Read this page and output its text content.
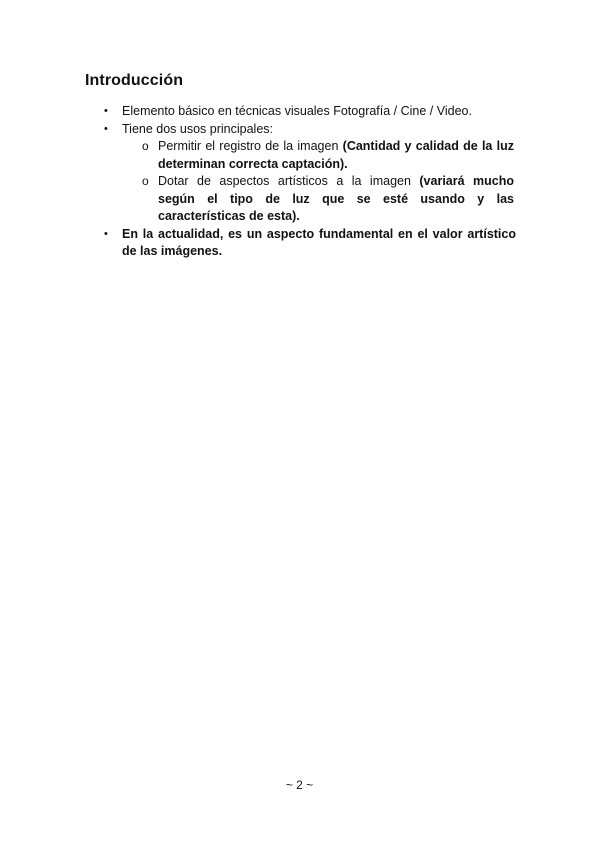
Introducción
• Elemento básico en técnicas visuales Fotografía / Cine / Video.
• Tiene dos usos principales:
o Permitir el registro de la imagen (Cantidad y calidad de la luz determinan correcta captación).
o Dotar de aspectos artísticos a la imagen (variará mucho según el tipo de luz que se esté usando y las características de esta).
• En la actualidad, es un aspecto fundamental en el valor artístico de las imágenes.
~ 2 ~
